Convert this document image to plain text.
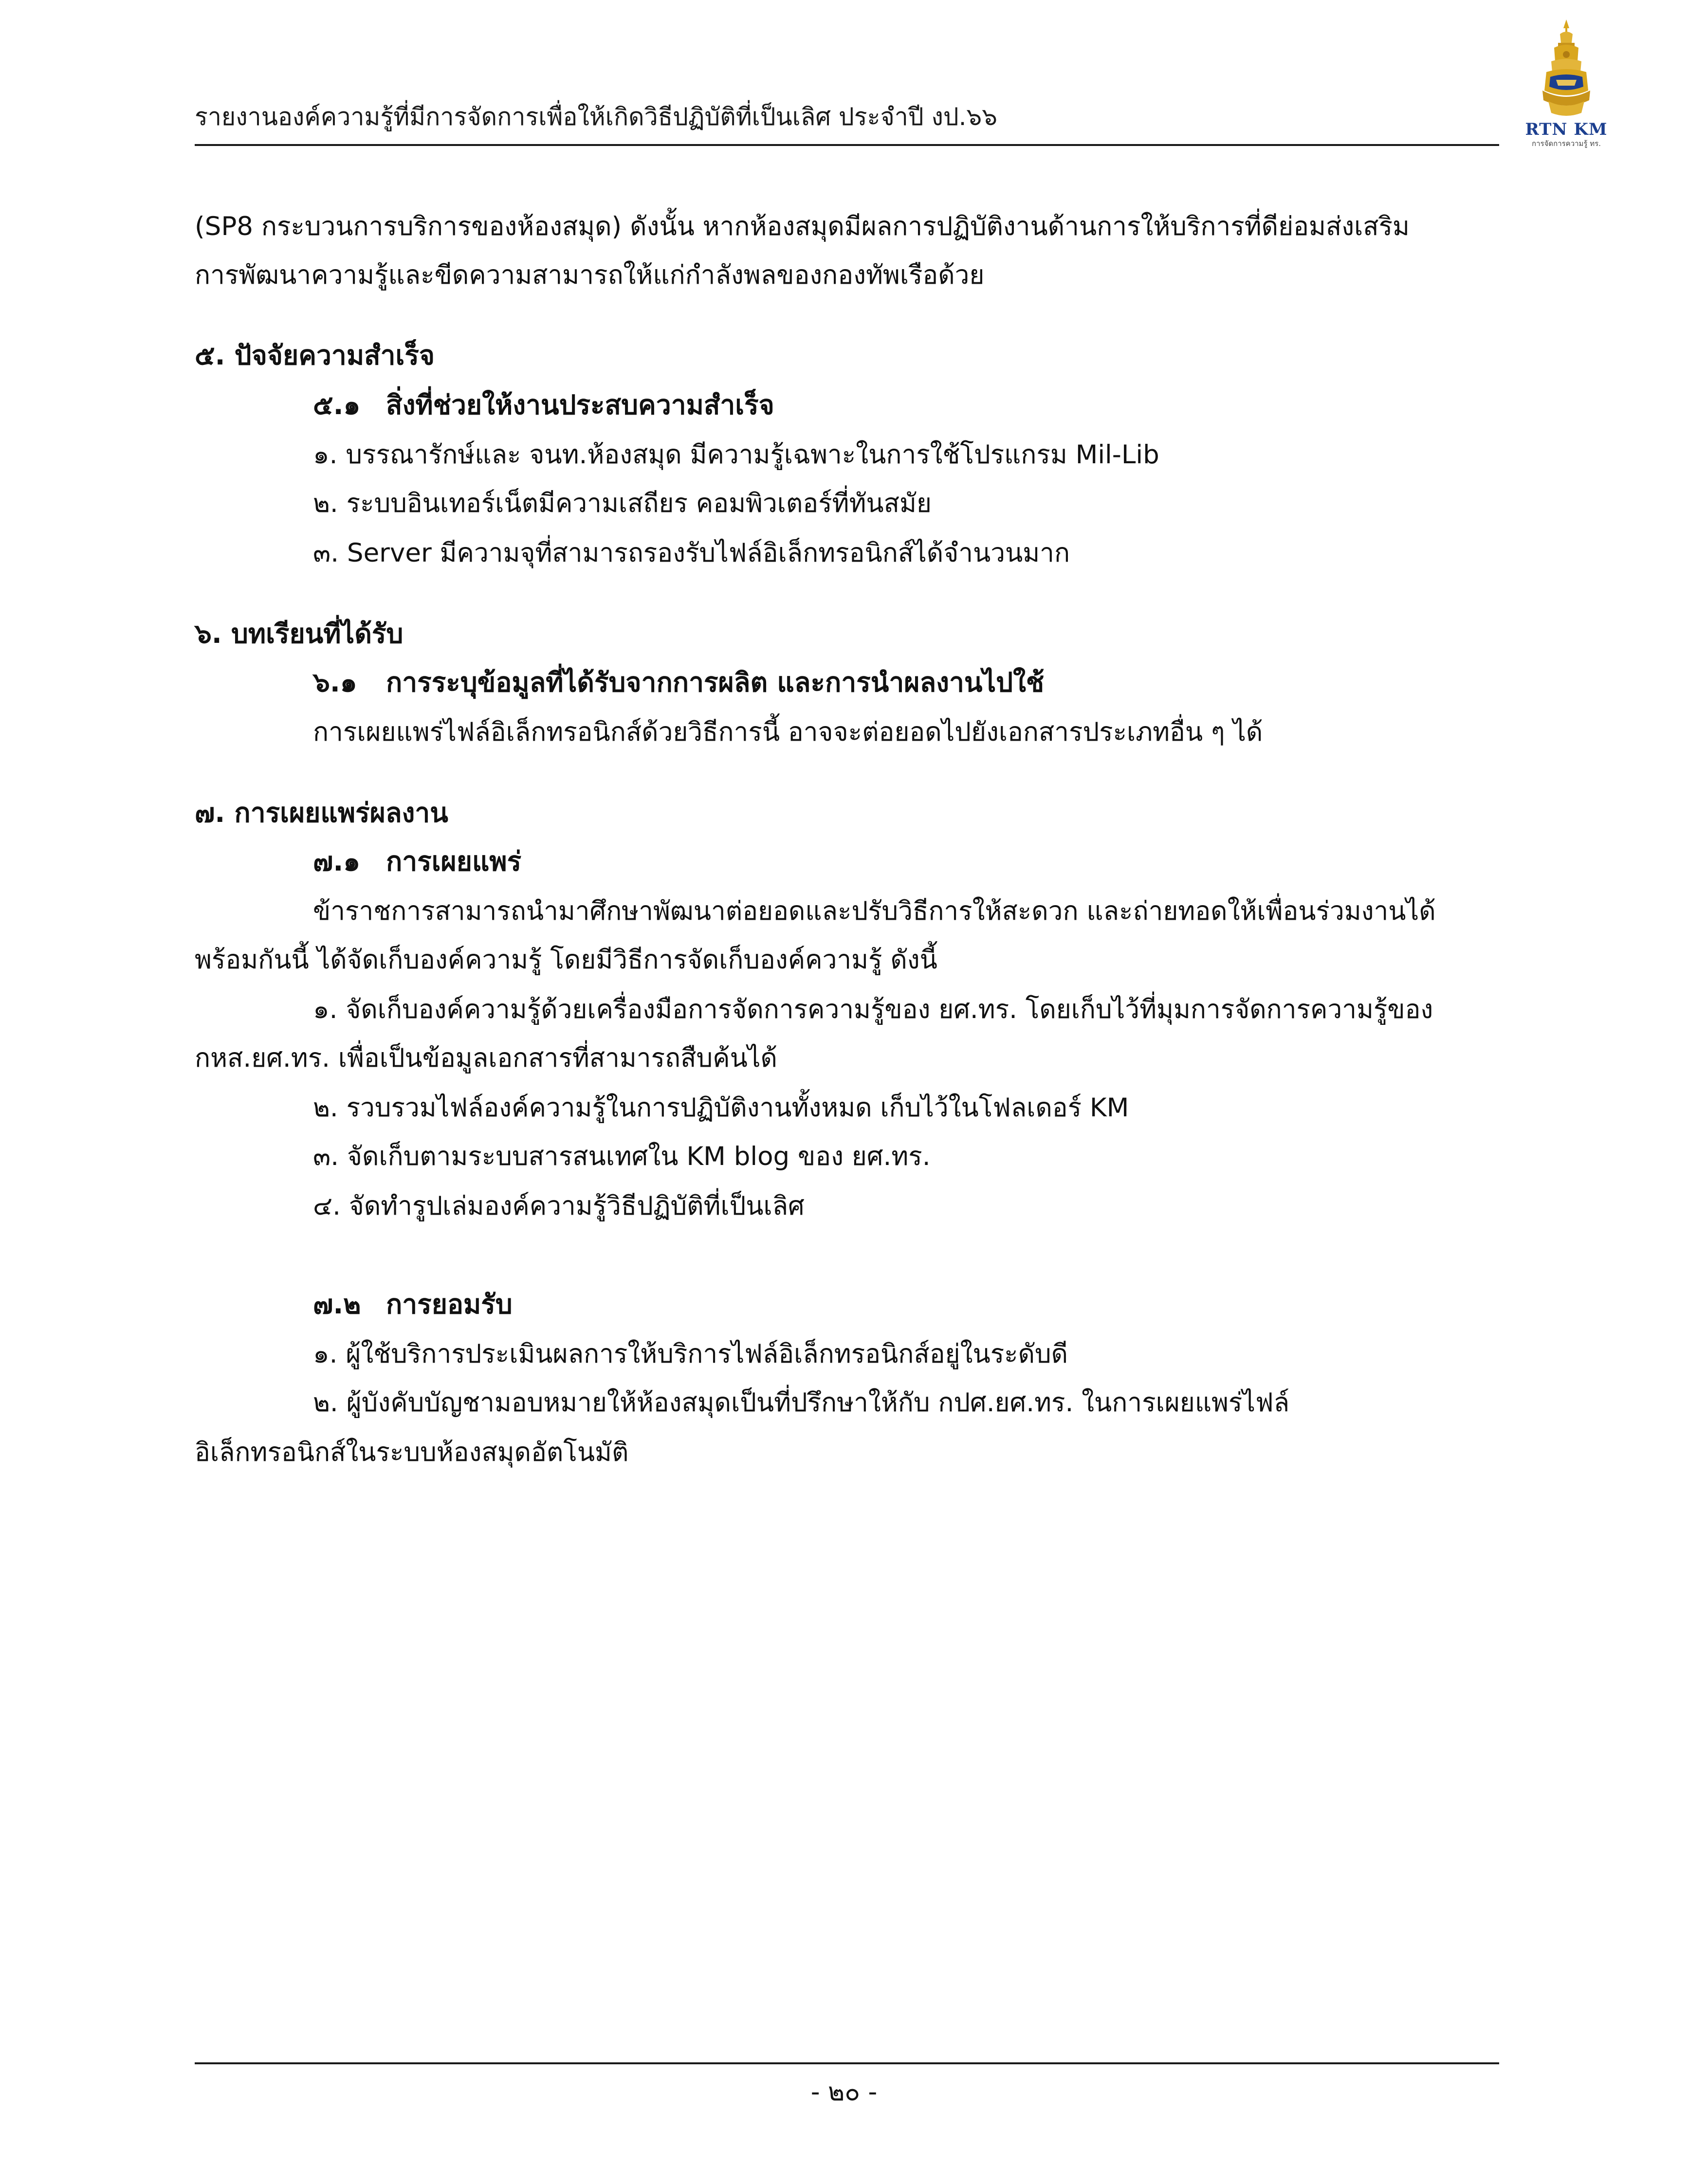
รายงานองค์ความรู้ที่มีการจัดการเพื่อให้เกิดวิธีปฏิบัติที่เป็นเลิศ ประจำปี งป.๖๖	RTN KM
การจัดการความรู้ ทร.
(SP8 กระบวนการบริการของห้องสมุด) ดังนั้น หากห้องสมุดมีผลการปฏิบัติงานด้านการให้บริการที่ดีย่อมส่งเสริม
การพัฒนาความรู้และขีดความสามารถให้แก่กำลังพลของกองทัพเรือด้วย
๕. ปัจจัยความสำเร็จ
๕.๑ สิ่งที่ช่วยให้งานประสบความสำเร็จ
๑. บรรณารักษ์และ จนท.ห้องสมุด มีความรู้เฉพาะในการใช้โปรแกรม Mil-Lib
๒. ระบบอินเทอร์เน็ตมีความเสถียร คอมพิวเตอร์ที่ทันสมัย
๓. Server มีความจุที่สามารถรองรับไฟล์อิเล็กทรอนิกส์ได้จำนวนมาก
๖. บทเรียนที่ได้รับ
๖.๑ การระบุข้อมูลที่ได้รับจากการผลิต และการนำผลงานไปใช้
การเผยแพร่ไฟล์อิเล็กทรอนิกส์ด้วยวิธีการนี้ อาจจะต่อยอดไปยังเอกสารประเภทอื่น ๆ ได้
๗. การเผยแพร่ผลงาน
๗.๑ การเผยแพร่
ข้าราชการสามารถนำมาศึกษาพัฒนาต่อยอดและปรับวิธีการให้สะดวก และถ่ายทอดให้เพื่อนร่วมงานได้
พร้อมกันนี้ ได้จัดเก็บองค์ความรู้ โดยมีวิธีการจัดเก็บองค์ความรู้ ดังนี้
๑. จัดเก็บองค์ความรู้ด้วยเครื่องมือการจัดการความรู้ของ ยศ.ทร. โดยเก็บไว้ที่มุมการจัดการความรู้ของ
กหส.ยศ.ทร. เพื่อเป็นข้อมูลเอกสารที่สามารถสืบค้นได้
๒. รวบรวมไฟล์องค์ความรู้ในการปฏิบัติงานทั้งหมด เก็บไว้ในโฟลเดอร์ KM
๓. จัดเก็บตามระบบสารสนเทศใน KM blog ของ ยศ.ทร.
๔. จัดทำรูปเล่มองค์ความรู้วิธีปฏิบัติที่เป็นเลิศ
๗.๒ การยอมรับ
๑. ผู้ใช้บริการประเมินผลการให้บริการไฟล์อิเล็กทรอนิกส์อยู่ในระดับดี
๒. ผู้บังคับบัญชามอบหมายให้ห้องสมุดเป็นที่ปรึกษาให้กับ กปศ.ยศ.ทร. ในการเผยแพร่ไฟล์
อิเล็กทรอนิกส์ในระบบห้องสมุดอัตโนมัติ
- ๒๐ -
